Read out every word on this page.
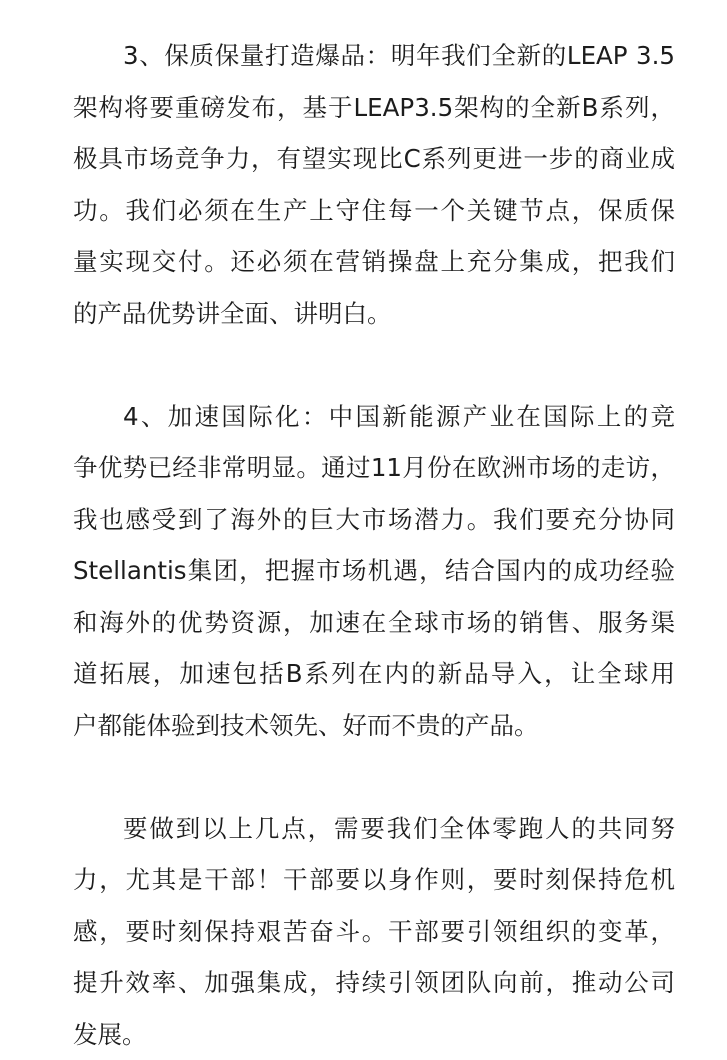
3、保质保量打造爆品：明年我们全新的LEAP 3.5
架构将要重磅发布，基于LEAP3.5架构的全新B系列，
极具市场竞争力，有望实现比C系列更进一步的商业成
功。我们必须在生产上守住每一个关键节点，保质保
量实现交付。还必须在营销操盘上充分集成，把我们
的产品优势讲全面、讲明白。
4、加速国际化：中国新能源产业在国际上的竞
争优势已经非常明显。通过11月份在欧洲市场的走访，
我也感受到了海外的巨大市场潜力。我们要充分协同
Stellantis集团，把握市场机遇，结合国内的成功经验
和海外的优势资源，加速在全球市场的销售、服务渠
道拓展，加速包括B系列在内的新品导入，让全球用
户都能体验到技术领先、好而不贵的产品。
要做到以上几点，需要我们全体零跑人的共同努
力，尤其是干部！干部要以身作则，要时刻保持危机
感，要时刻保持艰苦奋斗。干部要引领组织的变革，
提升效率、加强集成，持续引领团队向前，推动公司
发展。
